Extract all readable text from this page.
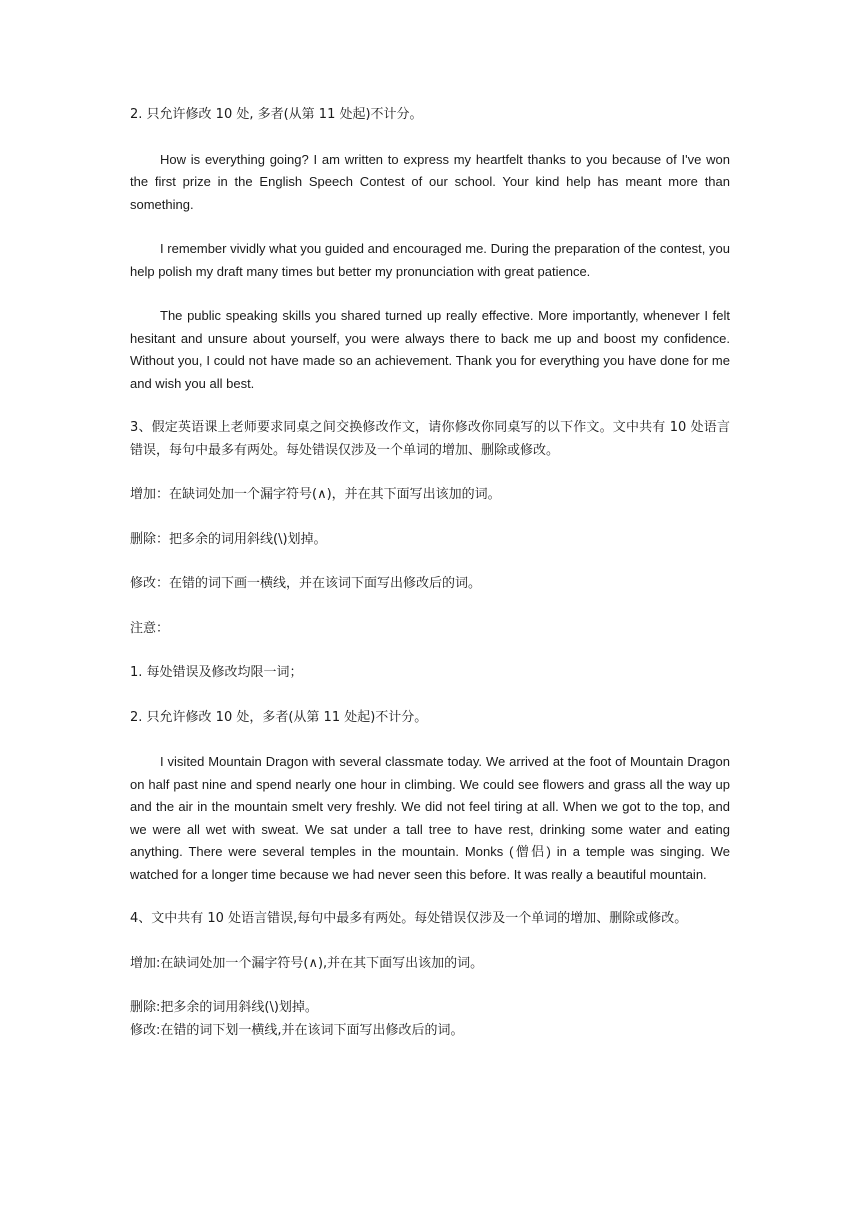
2. 只允许修改 10 处, 多者(从第 11 处起)不计分。

How is everything going? I am written to express my heartfelt thanks to you because of I've won the first prize in the English Speech Contest of our school. Your kind help has meant more than something.

I remember vividly what you guided and encouraged me. During the preparation of the contest, you help polish my draft many times but better my pronunciation with great patience.

The public speaking skills you shared turned up really effective. More importantly, whenever I felt hesitant and unsure about yourself, you were always there to back me up and boost my confidence. Without you, I could not have made so an achievement. Thank you for everything you have done for me and wish you all best.

3、假定英语课上老师要求同桌之间交换修改作文，请你修改你同桌写的以下作文。文中共有 10 处语言错误，每句中最多有两处。每处错误仅涉及一个单词的增加、删除或修改。

增加：在缺词处加一个漏字符号(∧)，并在其下面写出该加的词。

删除：把多余的词用斜线(\)划掉。

修改：在错的词下画一横线，并在该词下面写出修改后的词。

注意：

1. 每处错误及修改均限一词；

2. 只允许修改 10 处，多者(从第 11 处起)不计分。

I visited Mountain Dragon with several classmate today. We arrived at the foot of Mountain Dragon on half past nine and spend nearly one hour in climbing. We could see flowers and grass all the way up and the air in the mountain smelt very freshly. We did not feel tiring at all. When we got to the top, and we were all wet with sweat. We sat under a tall tree to have rest, drinking some water and eating anything. There were several temples in the mountain. Monks (僧侣) in a temple was singing. We watched for a longer time because we had never seen this before. It was really a beautiful mountain.

4、文中共有 10 处语言错误,每句中最多有两处。每处错误仅涉及一个单词的增加、删除或修改。

增加:在缺词处加一个漏字符号(∧),并在其下面写出该加的词。

删除:把多余的词用斜线(\)划掉。

修改:在错的词下划一横线,并在该词下面写出修改后的词。
